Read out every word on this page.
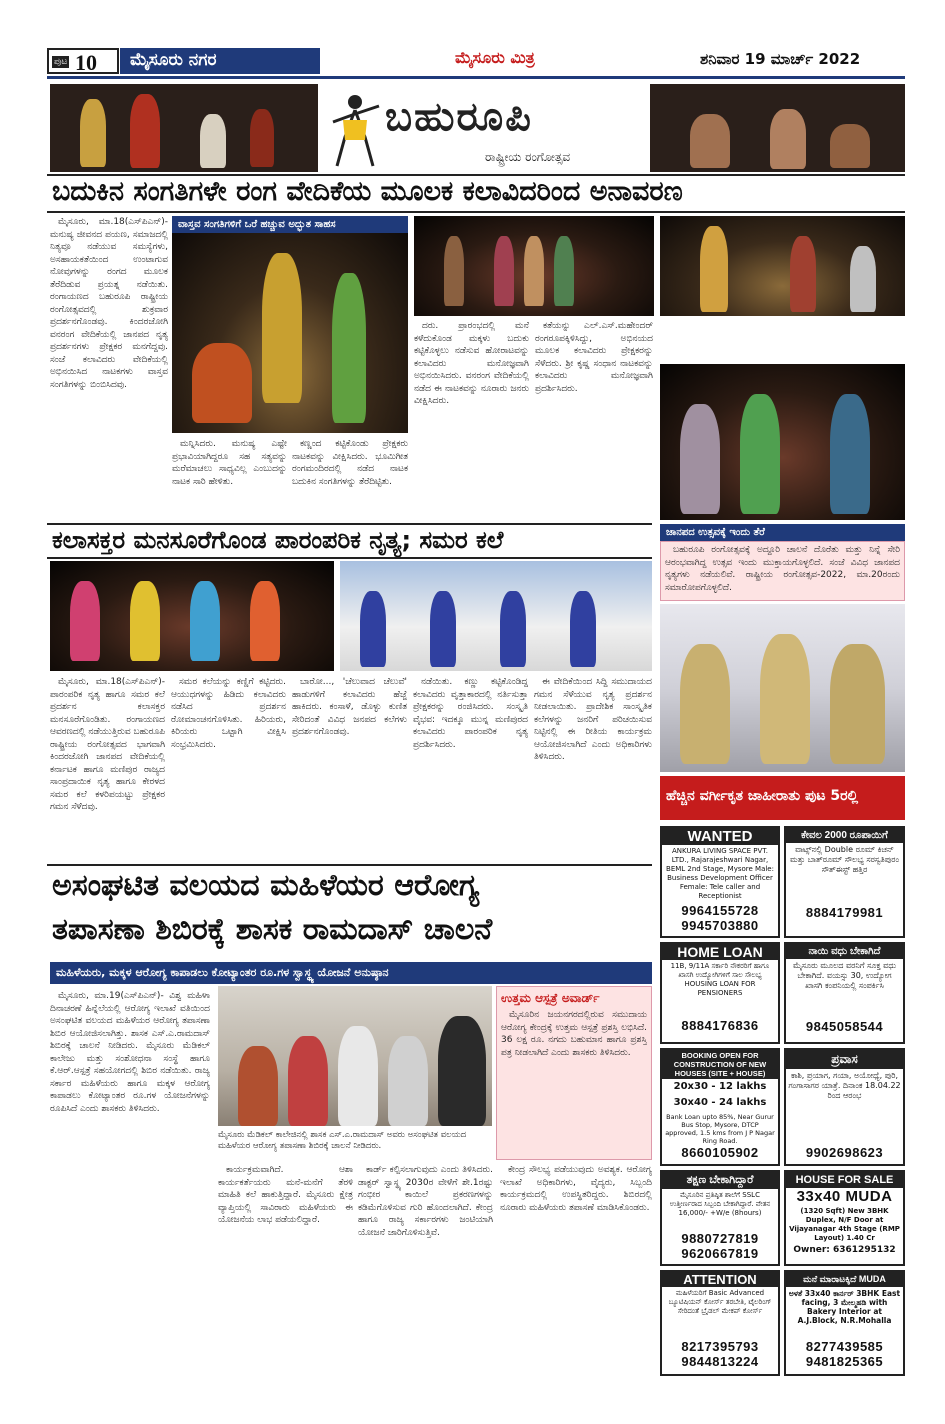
ಪುಟ 10	ಮೈಸೂರು ನಗರ	ಮೈಸೂರು ಮಿತ್ರ	ಶನಿವಾರ 19 ಮಾರ್ಚ್ 2022
ಬಹುರೂಪಿ
ರಾಷ್ಟ್ರೀಯ ರಂಗೋತ್ಸವ
ಬದುಕಿನ ಸಂಗತಿಗಳೇ ರಂಗ ವೇದಿಕೆಯ ಮೂಲಕ ಕಲಾವಿದರಿಂದ ಅನಾವರಣ

ಮೈಸೂರು, ಮಾ.18(ಎಸ್‌ಪಿಎನ್)- ಮನುಷ್ಯ ಜೀವನದ ಪಯಣ, ಸಮಾಜದಲ್ಲಿ ನಿತ್ಯವೂ ನಡೆಯುವ ಸಮಸ್ಯೆಗಳು, ಅಸಹಾಯಕತೆಯಿಂದ ಉಂಟಾಗುವ ನೋವುಗಳನ್ನು ರಂಗದ ಮೂಲಕ ತೆರೆದಿಡುವ ಪ್ರಯತ್ನ ನಡೆಯಿತು. ರಂಗಾಯಣದ ಬಹುರೂಪಿ ರಾಷ್ಟ್ರೀಯ ರಂಗೋತ್ಸವದಲ್ಲಿ ಶುಕ್ರವಾರ ಪ್ರದರ್ಶನಗೊಂಡವು. ಕಿಂದರಜೋಗಿ ವನರಂಗ ವೇದಿಕೆಯಲ್ಲಿ ಜಾನಪದ ನೃತ್ಯ ಪ್ರದರ್ಶನಗಳು ಪ್ರೇಕ್ಷಕರ ಮನಗೆದ್ದವು. ಸಂಜೆ ಕಲಾವಿದರು ವೇದಿಕೆಯಲ್ಲಿ ಅಭಿನಯಿಸಿದ ನಾಟಕಗಳು ವಾಸ್ತವ ಸಂಗತಿಗಳನ್ನು ಬಿಂಬಿಸಿದವು.

ವಾಸ್ತವ ಸಂಗತಿಗಳಿಗೆ ಒರೆ ಹಚ್ಚುವ ಅದ್ಭುತ ಸಾಹಸ

ದರು. ಪ್ರಾರಂಭದಲ್ಲಿ ಮನೆ ಕಳೆದುಕೊಂಡ ಮಕ್ಕಳು ಬದುಕು ಕಟ್ಟಿಕೊಳ್ಳಲು ನಡೆಸುವ ಹೋರಾಟವನ್ನು ಕಲಾವಿದರು ಮನೋಜ್ಞವಾಗಿ ಅಭಿನಯಿಸಿದರು. ವನರಂಗ ವೇದಿಕೆಯಲ್ಲಿ ನಡೆದ ಈ ನಾಟಕವನ್ನು ನೂರಾರು ಜನರು ವೀಕ್ಷಿಸಿದರು.

ಕತೆಯನ್ನು ಎಲ್.ಎಸ್.ಮಹೇಂದರ್ ರಂಗರೂಪಕ್ಕಿಳಿಸಿದ್ದು, ಅಭಿನಯದ ಮೂಲಕ ಕಲಾವಿದರು ಪ್ರೇಕ್ಷಕರನ್ನು ಸೆಳೆದರು. ಶ್ರೀ ಕೃಷ್ಣ ಸಂಧಾನ ನಾಟಕವನ್ನು ಕಲಾವಿದರು ಮನೋಜ್ಞವಾಗಿ ಪ್ರದರ್ಶಿಸಿದರು.

ಮನ್ನಿಸಿದರು. ಮನುಷ್ಯ ಎಷ್ಟೇ ಪ್ರಭಾವಿಯಾಗಿದ್ದರೂ ಸಹ ಸತ್ಯವನ್ನು ಮರೆಮಾಚಲು ಸಾಧ್ಯವಿಲ್ಲ ಎಂಬುದನ್ನು ನಾಟಕ ಸಾರಿ ಹೇಳಿತು.

ಕಣ್ಣಂದ ಕಟ್ಟಿಕೊಂಡು ಪ್ರೇಕ್ಷಕರು ನಾಟಕವನ್ನು ವೀಕ್ಷಿಸಿದರು. ಭೂಮಿಗೀತ ರಂಗಮಂದಿರದಲ್ಲಿ ನಡೆದ ನಾಟಕ ಬದುಕಿನ ಸಂಗತಿಗಳನ್ನು ತೆರೆದಿಟ್ಟಿತು.

ಕಲಾಸಕ್ತರ ಮನಸೂರೆಗೊಂಡ ಪಾರಂಪರಿಕ ನೃತ್ಯ; ಸಮರ ಕಲೆ

ಮೈಸೂರು, ಮಾ.18(ಎಸ್‌ಪಿಎನ್)- ಪಾರಂಪರಿಕ ನೃತ್ಯ ಹಾಗೂ ಸಮರ ಕಲೆ ಪ್ರದರ್ಶನ ಕಲಾಸಕ್ತರ ಮನಸೂರೆಗೊಂಡಿತು. ರಂಗಾಯಣದ ಆವರಣದಲ್ಲಿ ನಡೆಯುತ್ತಿರುವ ಬಹುರೂಪಿ ರಾಷ್ಟ್ರೀಯ ರಂಗೋತ್ಸವದ ಭಾಗವಾಗಿ ಕಿಂದರಜೋಗಿ ಜಾನಪದ ವೇದಿಕೆಯಲ್ಲಿ ಕರ್ನಾಟಕ ಹಾಗೂ ಮಣಿಪುರ ರಾಜ್ಯದ ಸಾಂಪ್ರದಾಯಿಕ ನೃತ್ಯ ಹಾಗೂ ಕೇರಳದ ಸಮರ ಕಲೆ ಕಳರಿಪಯಟ್ಟು ಪ್ರೇಕ್ಷಕರ ಗಮನ ಸೆಳೆದವು.

ಸಮರ ಕಲೆಯನ್ನು ಕಣ್ಣಿಗೆ ಕಟ್ಟಿದರು. ಆಯುಧಗಳನ್ನು ಹಿಡಿದು ಕಲಾವಿದರು ನಡೆಸಿದ ಪ್ರದರ್ಶನ ರೋಮಾಂಚನಗೊಳಿಸಿತು. ಹಿರಿಯರು, ಕಿರಿಯರು ಒಟ್ಟಾಗಿ ವೀಕ್ಷಿಸಿ ಸಂಭ್ರಮಿಸಿದರು.

ಬಾರೋ..., 'ಚೆಲುವಾದ ಚೆಲುವೆ' ಹಾಡುಗಳಿಗೆ ಕಲಾವಿದರು ಹೆಜ್ಜೆ ಹಾಕಿದರು. ಕಂಸಾಳೆ, ಡೊಳ್ಳು ಕುಣಿತ ಸೇರಿದಂತೆ ವಿವಿಧ ಜನಪದ ಕಲೆಗಳು ಪ್ರದರ್ಶನಗೊಂಡವು.

ನಡೆಯಿತು. ಕಣ್ಣು ಕಟ್ಟಿಕೊಂಡಿದ್ದ ಕಲಾವಿದರು ವೃತ್ತಾಕಾರದಲ್ಲಿ ನರ್ತಿಸುತ್ತಾ ಪ್ರೇಕ್ಷಕರನ್ನು ರಂಜಿಸಿದರು. ಸಂಸ್ಕೃತಿ ವೈಭವ: ಇದಕ್ಕೂ ಮುನ್ನ ಮಣಿಪುರದ ಕಲಾವಿದರು ಪಾರಂಪರಿಕ ನೃತ್ಯ ಪ್ರದರ್ಶಿಸಿದರು.

ಈ ವೇದಿಕೆಯಿಂದ ಸಿದ್ದಿ ಸಮುದಾಯದ ಗಮನ ಸೆಳೆಯುವ ನೃತ್ಯ ಪ್ರದರ್ಶನ ನೀಡಲಾಯಿತು. ಪ್ರಾದೇಶಿಕ ಸಾಂಸ್ಕೃತಿಕ ಕಲೆಗಳನ್ನು ಜನರಿಗೆ ಪರಿಚಯಿಸುವ ನಿಟ್ಟಿನಲ್ಲಿ ಈ ರೀತಿಯ ಕಾರ್ಯಕ್ರಮ ಆಯೋಜಿಸಲಾಗಿದೆ ಎಂದು ಅಧಿಕಾರಿಗಳು ತಿಳಿಸಿದರು.

ಜಾನಪದ ಉತ್ಸವಕ್ಕೆ ಇಂದು ತೆರೆ

ಬಹುರೂಪಿ ರಂಗೋತ್ಸವಕ್ಕೆ ಅದ್ದೂರಿ ಚಾಲನೆ ದೊರೆತು ಮತ್ತು ನಿನ್ನೆ ಸೇರಿ ಆರಂಭವಾಗಿದ್ದ ಉತ್ಸವ ಇಂದು ಮುಕ್ತಾಯಗೊಳ್ಳಲಿದೆ. ಸಂಜೆ ವಿವಿಧ ಜಾನಪದ ನೃತ್ಯಗಳು ನಡೆಯಲಿವೆ. ರಾಷ್ಟ್ರೀಯ ರಂಗೋತ್ಸವ-2022, ಮಾ.20ರಂದು ಸಮಾರೋಪಗೊಳ್ಳಲಿದೆ.

ಹೆಚ್ಚಿನ ವರ್ಗೀಕೃತ ಜಾಹೀರಾತು ಪುಟ 5ರಲ್ಲಿ
WANTED
ANKURA LIVING SPACE PVT. LTD., Rajarajeshwari Nagar, BEML 2nd Stage, Mysore Male: Business Development Officer Female: Tele caller and Receptionist
9964155728
9945703880
ಕೇವಲ 2000 ರೂಪಾಯಿಗೆ
ವಾಟ್ಸ್‌ನಲ್ಲಿ Double ರೂಮ್‌ ಕಿಚನ್ ಮತ್ತು ಬಾತ್‌ರೂಮ್ ಸೌಲಭ್ಯ ಸರಸ್ವತಿಪುರಂ ಸೌತ್‌ಈಸ್ಟ್ ಹತ್ತಿರ
8884179981
HOME LOAN
11B, 9/11A ಸರ್ಕಾರಿ ನೌಕರರಿಗೆ ಹಾಗೂ ಖಾಸಗಿ ಉದ್ಯೋಗಿಗಳಿಗೆ ಸಾಲ ಸೌಲಭ್ಯ HOUSING LOAN FOR PENSIONERS
8884176836
ನಾಯಿ ವಧು ಬೇಕಾಗಿದೆ
ಮೈಸೂರು ಮೂಲದ ವರನಿಗೆ ಸೂಕ್ತ ವಧು ಬೇಕಾಗಿದೆ. ವಯಸ್ಸು 30, ಉದ್ಯೋಗ ಖಾಸಗಿ ಕಂಪನಿಯಲ್ಲಿ ಸಂಪರ್ಕಿಸಿ
9845058544
BOOKING OPEN FOR CONSTRUCTION OF NEW HOUSES (SITE + HOUSE)
20x30 - 12 lakhs
30x40 - 24 lakhs
Bank Loan upto 85%, Near Gurur Bus Stop, Mysore, DTCP approved, 1.5 kms from J P Nagar Ring Road.
8660105902
ಪ್ರವಾಸ
ಕಾಶಿ, ಪ್ರಯಾಗ, ಗಯಾ, ಅಯೋಧ್ಯೆ, ಪುರಿ, ಗಂಗಾಸಾಗರ ಯಾತ್ರೆ. ದಿನಾಂಕ 18.04.22 ರಿಂದ ಆರಂಭ
9902698623
ತಕ್ಷಣ ಬೇಕಾಗಿದ್ದಾರೆ
ಮೈಸೂರಿನ ಪ್ರತಿಷ್ಠಿತ ಶಾಲೆಗೆ SSLC ಉತ್ತೀರ್ಣರಾದ ಸಿಬ್ಬಂದಿ ಬೇಕಾಗಿದ್ದಾರೆ. ವೇತನ 16,000/- +W/e (8hours)
9880727819
9620667819
HOUSE FOR SALE
33x40 MUDA
(1320 Sqft) New 3BHK Duplex, N/F Door at Vijayanagar 4th Stage (RMP Layout) 1.40 Cr
Owner: 6361295132
ATTENTION
ಮಹಿಳೆಯರಿಗೆ Basic Advanced ಬ್ಯೂಟಿಷಿಯನ್ ಕೋರ್ಸ್ ತರಬೇತಿ, ಟೈಲರಿಂಗ್ ಸೇರಿದಂತೆ ಬ್ರೈಡಲ್ ಮೇಕಪ್ ಕೋರ್ಸ್
8217395793
9844813224
ಮನೆ ಮಾರಾಟಕ್ಕಿದೆ MUDA
ಅಳತೆ 33x40 ಕಾರ್ನರ್ 3BHK East facing, 3 ಮೇಲ್ಮಹಡಿ with Bakery Interior at A.J.Block, N.R.Mohalla
8277439585
9481825365
ಅಸಂಘಟಿತ ವಲಯದ ಮಹಿಳೆಯರ ಆರೋಗ್ಯ
ತಪಾಸಣಾ ಶಿಬಿರಕ್ಕೆ ಶಾಸಕ ರಾಮದಾಸ್ ಚಾಲನೆ
ಮಹಿಳೆಯರು, ಮಕ್ಕಳ ಆರೋಗ್ಯ ಕಾಪಾಡಲು ಕೋಟ್ಯಾಂತರ ರೂ.ಗಳ ಸ್ವಾಸ್ಥ್ಯ ಯೋಜನೆ ಅನುಷ್ಠಾನ

ಮೈಸೂರು, ಮಾ.19(ಎಸ್‌ಪಿಎನ್)- ವಿಶ್ವ ಮಹಿಳಾ ದಿನಾಚರಣೆ ಹಿನ್ನೆಲೆಯಲ್ಲಿ ಆರೋಗ್ಯ ಇಲಾಖೆ ವತಿಯಿಂದ ಅಸಂಘಟಿತ ವಲಯದ ಮಹಿಳೆಯರ ಆರೋಗ್ಯ ತಪಾಸಣಾ ಶಿಬಿರ ಆಯೋಜಿಸಲಾಗಿತ್ತು. ಶಾಸಕ ಎಸ್.ಎ.ರಾಮದಾಸ್ ಶಿಬಿರಕ್ಕೆ ಚಾಲನೆ ನೀಡಿದರು. ಮೈಸೂರು ಮೆಡಿಕಲ್ ಕಾಲೇಜು ಮತ್ತು ಸಂಶೋಧನಾ ಸಂಸ್ಥೆ ಹಾಗೂ ಕೆ.ಆರ್.ಆಸ್ಪತ್ರೆ ಸಹಯೋಗದಲ್ಲಿ ಶಿಬಿರ ನಡೆಯಿತು. ರಾಜ್ಯ ಸರ್ಕಾರ ಮಹಿಳೆಯರು ಹಾಗೂ ಮಕ್ಕಳ ಆರೋಗ್ಯ ಕಾಪಾಡಲು ಕೋಟ್ಯಾಂತರ ರೂ.ಗಳ ಯೋಜನೆಗಳನ್ನು ರೂಪಿಸಿದೆ ಎಂದು ಶಾಸಕರು ತಿಳಿಸಿದರು.

ಮೈಸೂರು ಮೆಡಿಕಲ್ ಕಾಲೇಜಿನಲ್ಲಿ ಶಾಸಕ ಎಸ್.ಎ.ರಾಮದಾಸ್ ಅವರು ಅಸಂಘಟಿತ ವಲಯದ ಮಹಿಳೆಯರ ಆರೋಗ್ಯ ತಪಾಸಣಾ ಶಿಬಿರಕ್ಕೆ ಚಾಲನೆ ನೀಡಿದರು.
ಉತ್ತಮ ಆಸ್ಪತ್ರೆ ಅವಾರ್ಡ್

ಮೈಸೂರಿನ ಜಯನಗರದಲ್ಲಿರುವ ಸಮುದಾಯ ಆರೋಗ್ಯ ಕೇಂದ್ರಕ್ಕೆ ಉತ್ತಮ ಆಸ್ಪತ್ರೆ ಪ್ರಶಸ್ತಿ ಲಭಿಸಿದೆ. 36 ಲಕ್ಷ ರೂ. ನಗದು ಬಹುಮಾನ ಹಾಗೂ ಪ್ರಶಸ್ತಿ ಪತ್ರ ನೀಡಲಾಗಿದೆ ಎಂದು ಶಾಸಕರು ತಿಳಿಸಿದರು.

ಕಾರ್ಯಕ್ರಮವಾಗಿದೆ. ಆಶಾ ಕಾರ್ಯಕರ್ತೆಯರು ಮನೆ-ಮನೆಗೆ ತೆರಳಿ ಮಾಹಿತಿ ಕಲೆ ಹಾಕುತ್ತಿದ್ದಾರೆ. ಮೈಸೂರು ಕ್ಷೇತ್ರ ವ್ಯಾಪ್ತಿಯಲ್ಲಿ ಸಾವಿರಾರು ಮಹಿಳೆಯರು ಈ ಯೋಜನೆಯ ಲಾಭ ಪಡೆಯಲಿದ್ದಾರೆ.

ಕಾರ್ಡ್ ಕಲ್ಪಿಸಲಾಗುವುದು ಎಂದು ತಿಳಿಸಿದರು. ಡಾಕ್ಟರ್ ಸ್ವಾಸ್ಥ್ಯ 2030ರ ವೇಳೆಗೆ ಶೇ.1ರಷ್ಟು ಗಂಭೀರ ಕಾಯಿಲೆ ಪ್ರಕರಣಗಳನ್ನು ಕಡಿಮೆಗೊಳಿಸುವ ಗುರಿ ಹೊಂದಲಾಗಿದೆ. ಕೇಂದ್ರ ಹಾಗೂ ರಾಜ್ಯ ಸರ್ಕಾರಗಳು ಜಂಟಿಯಾಗಿ ಯೋಜನೆ ಜಾರಿಗೊಳಿಸುತ್ತಿವೆ.

ಕೇಂದ್ರ ಸೌಲಭ್ಯ ಪಡೆಯುವುದು ಅವಶ್ಯಕ. ಆರೋಗ್ಯ ಇಲಾಖೆ ಅಧಿಕಾರಿಗಳು, ವೈದ್ಯರು, ಸಿಬ್ಬಂದಿ ಕಾರ್ಯಕ್ರಮದಲ್ಲಿ ಉಪಸ್ಥಿತರಿದ್ದರು. ಶಿಬಿರದಲ್ಲಿ ನೂರಾರು ಮಹಿಳೆಯರು ತಪಾಸಣೆ ಮಾಡಿಸಿಕೊಂಡರು.
